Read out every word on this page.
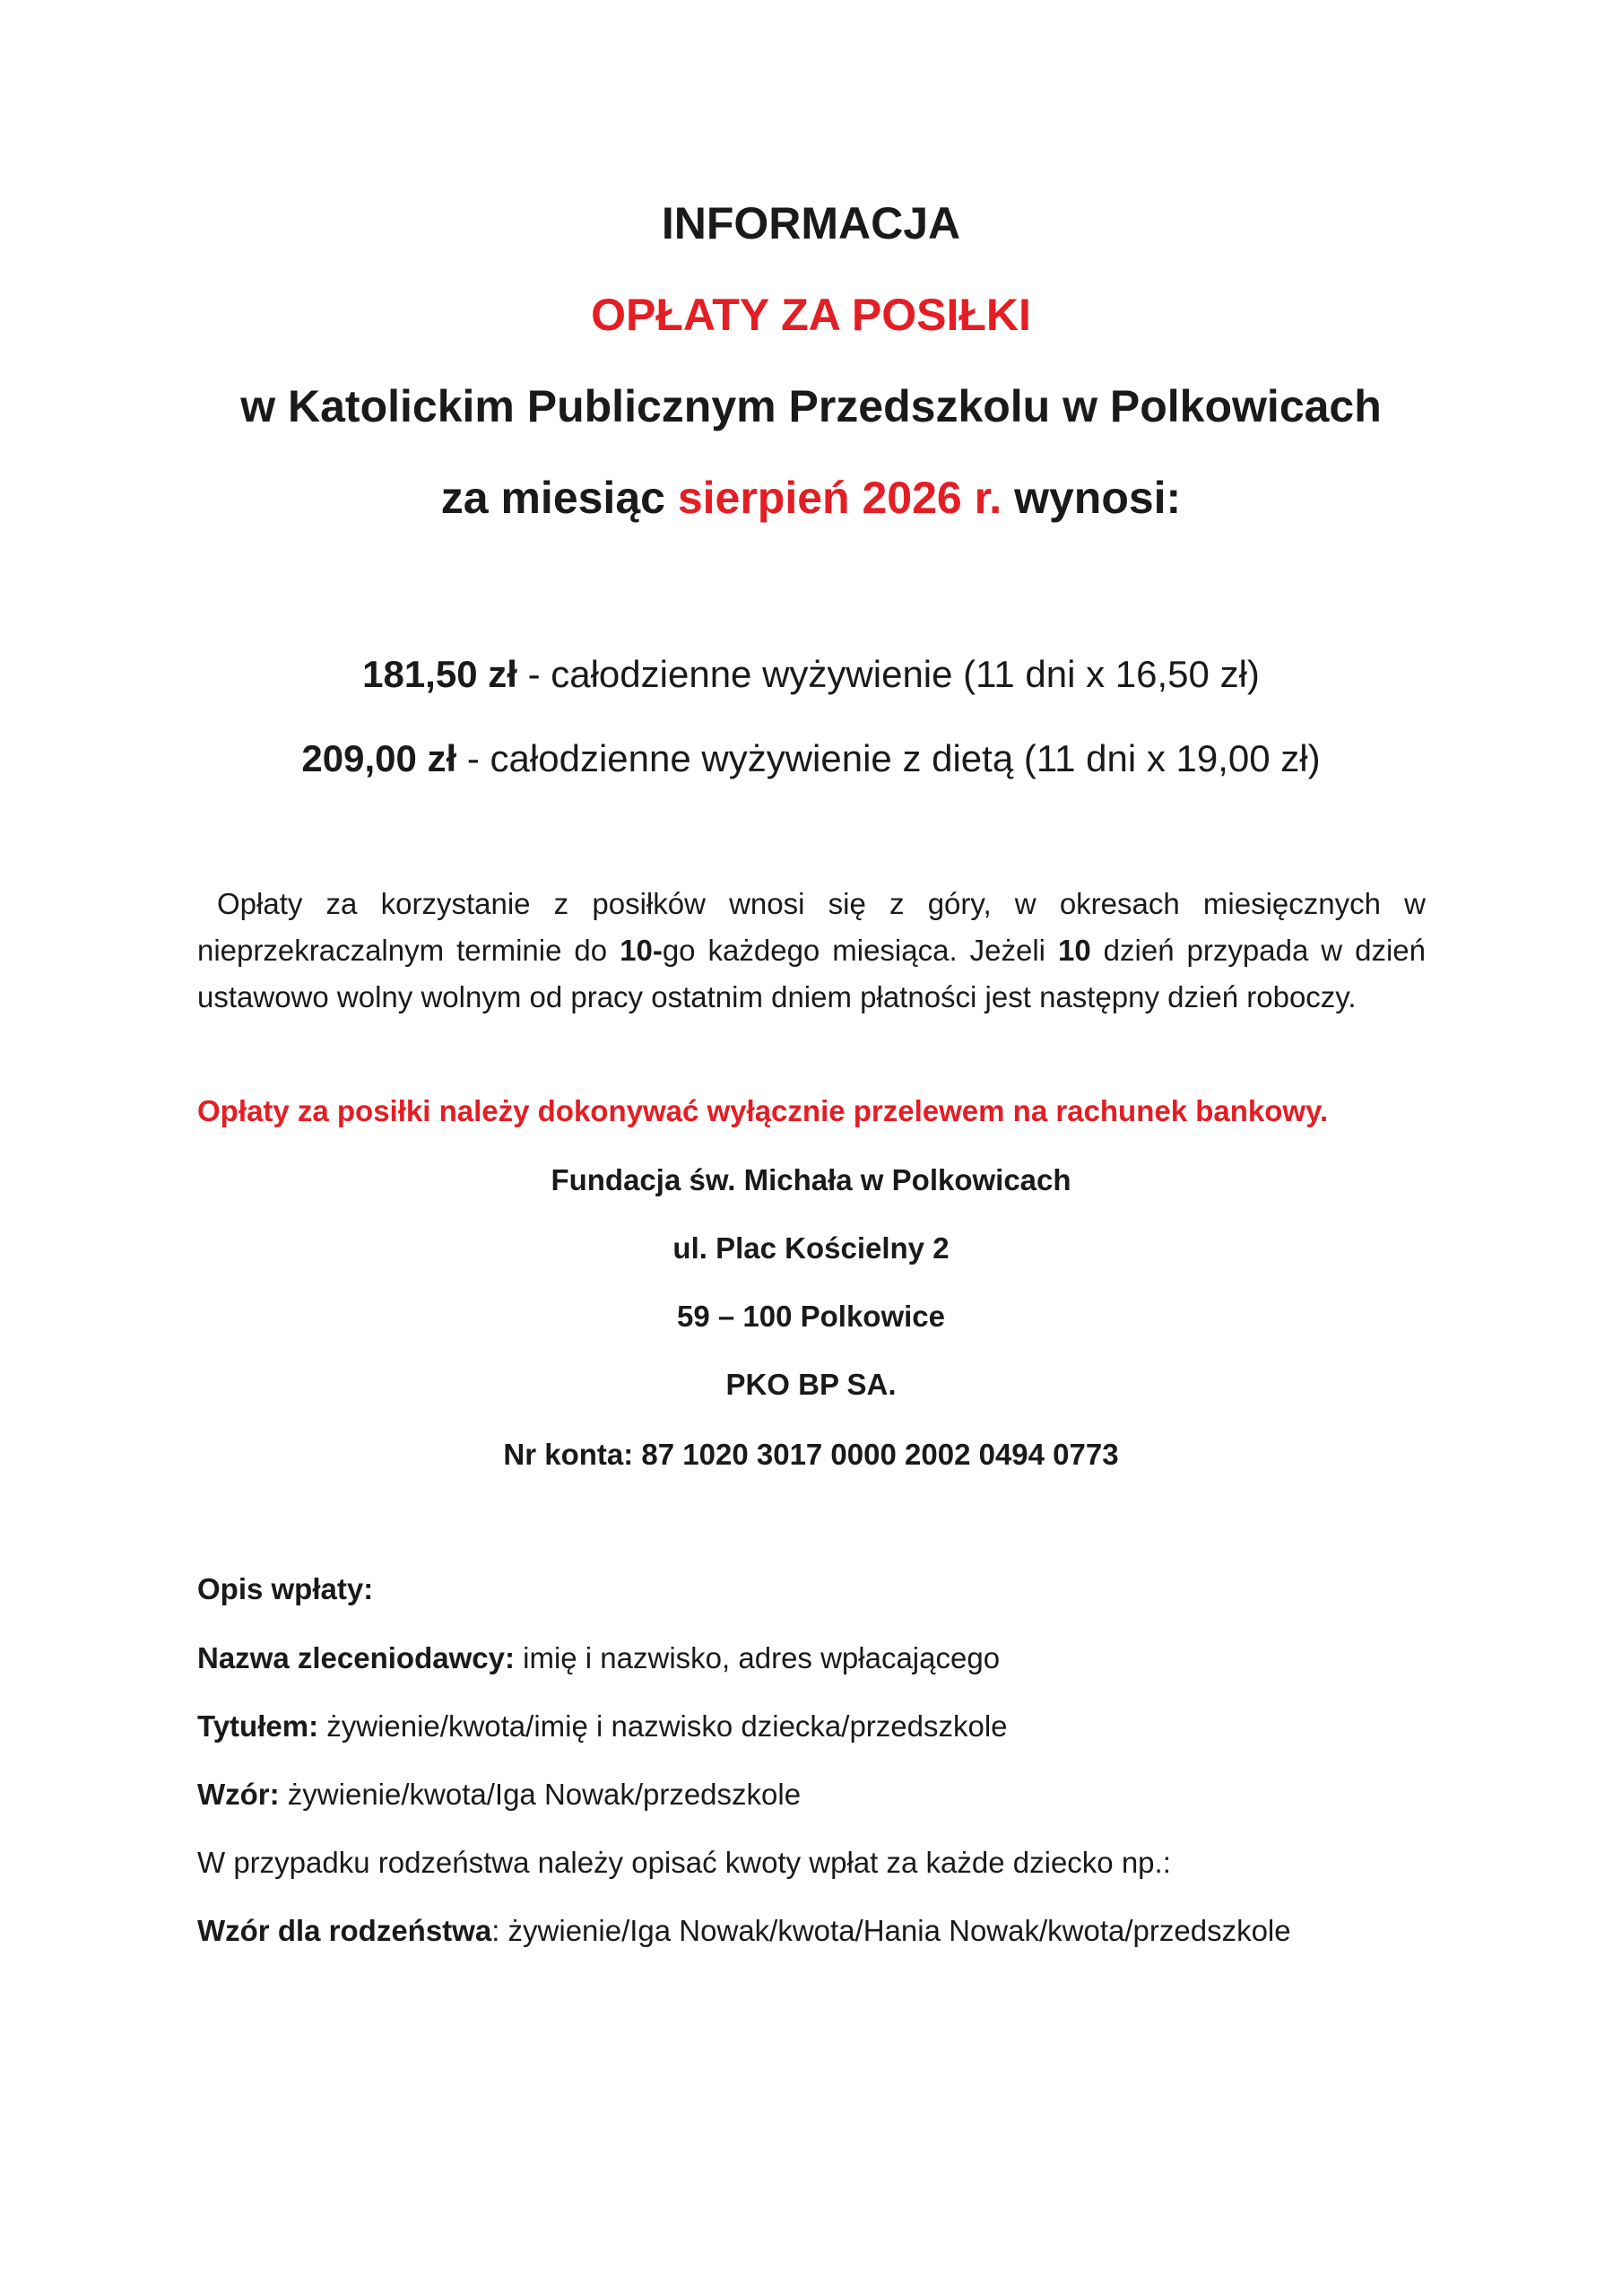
INFORMACJA
OPŁATY ZA POSIŁKI
w Katolickim Publicznym Przedszkolu w Polkowicach
za miesiąc sierpień 2026 r. wynosi:
181,50 zł - całodzienne wyżywienie (11 dni x 16,50 zł)
209,00 zł - całodzienne wyżywienie z dietą (11 dni x 19,00 zł)
Opłaty za korzystanie z posiłków wnosi się z góry, w okresach miesięcznych w nieprzekraczalnym terminie do 10-go każdego miesiąca. Jeżeli 10 dzień przypada w dzień ustawowo wolny wolnym od pracy ostatnim dniem płatności jest następny dzień roboczy.
Opłaty za posiłki należy dokonywać wyłącznie przelewem na rachunek bankowy.
Fundacja św. Michała w Polkowicach
ul. Plac Kościelny 2
59 – 100 Polkowice
PKO BP SA.
Nr konta: 87 1020 3017 0000 2002 0494 0773
Opis wpłaty:
Nazwa zleceniodawcy: imię i nazwisko, adres wpłacającego
Tytułem: żywienie/kwota/imię i nazwisko dziecka/przedszkole
Wzór: żywienie/kwota/Iga Nowak/przedszkole
W przypadku rodzeństwa należy opisać kwoty wpłat za każde dziecko np.:
Wzór dla rodzeństwa: żywienie/Iga Nowak/kwota/Hania Nowak/kwota/przedszkole
